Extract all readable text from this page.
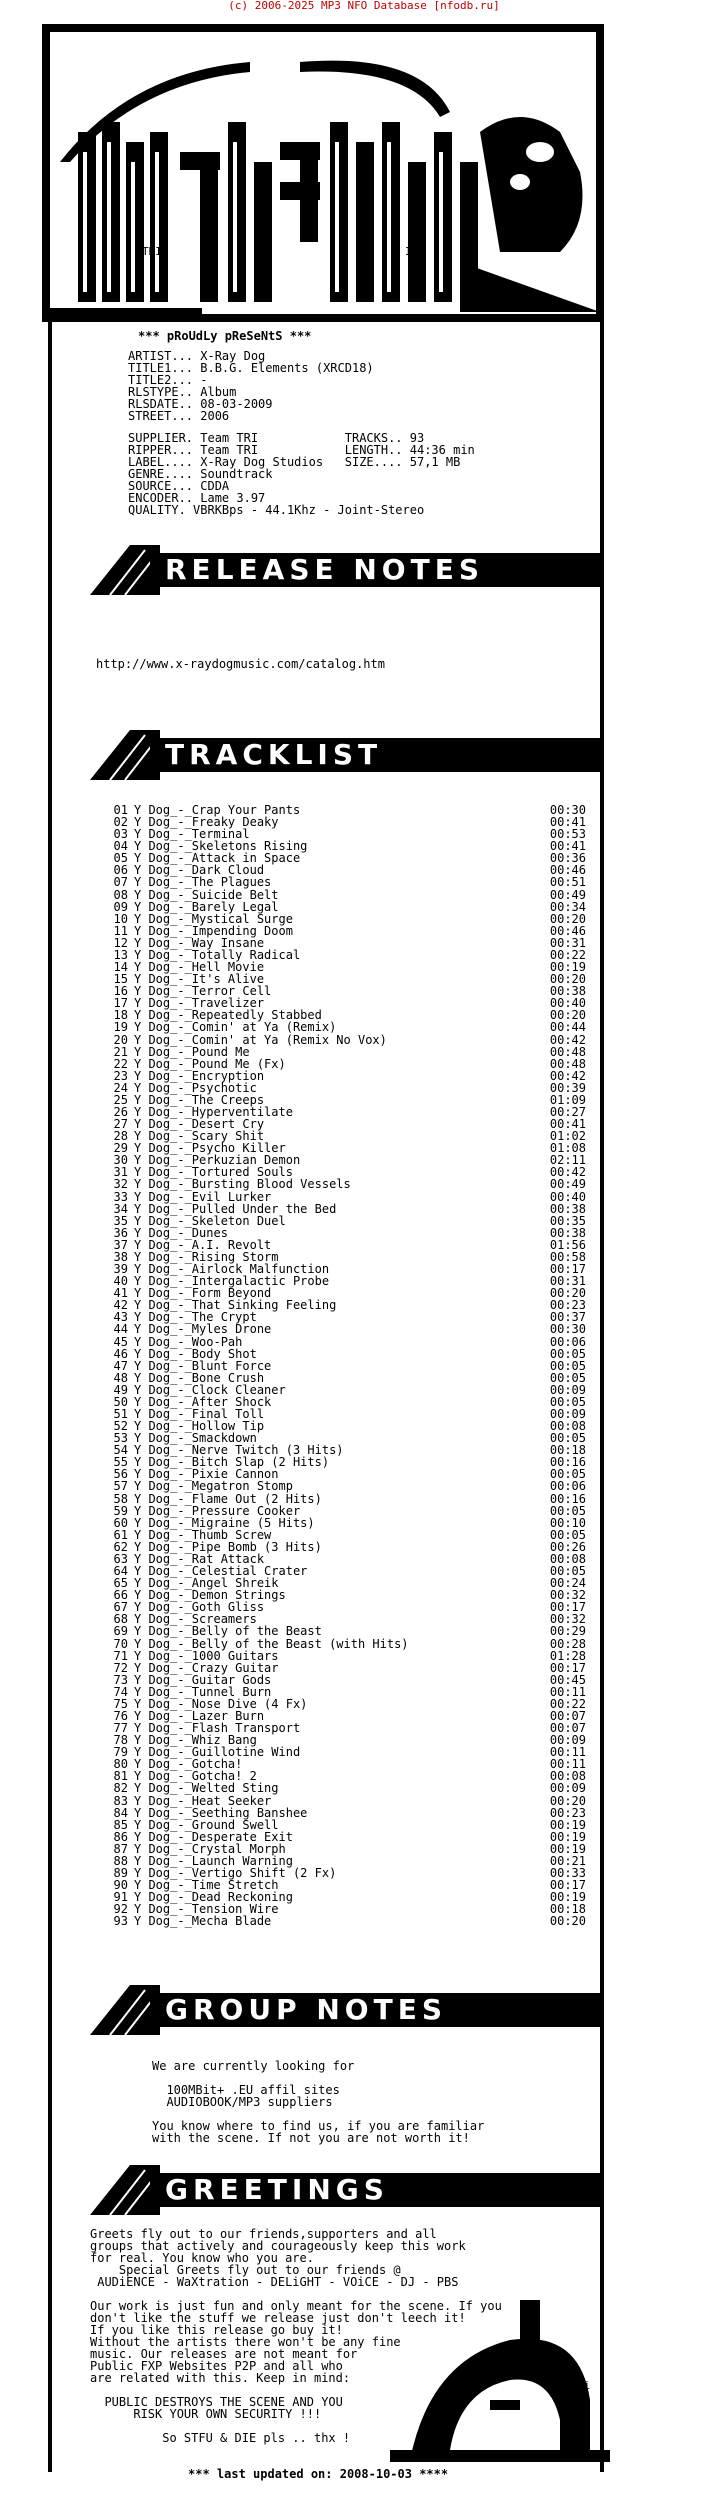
(c) 2006-2025 MP3 NFO Database [nfodb.ru]
TRI	INC
*** pRoUdLy pReSeNtS ***
ARTIST... X-Ray Dog
TITLE1... B.B.G. Elements (XRCD18)
TITLE2... -
RLSTYPE.. Album
RLSDATE.. 08-03-2009
STREET... 2006
SUPPLIER. Team TRI            TRACKS.. 93
RIPPER... Team TRI            LENGTH.. 44:36 min
LABEL.... X-Ray Dog Studios   SIZE.... 57,1 MB
GENRE.... Soundtrack
SOURCE... CDDA
ENCODER.. Lame 3.97
QUALITY. VBRKBps - 44.1Khz - Joint-Stereo
RELEASE NOTES
http://www.x-raydogmusic.com/catalog.htm
TRACKLIST
01 Y Dog_-_Crap Your Pants	00:30
02 Y Dog_-_Freaky Deaky	00:41
03 Y Dog_-_Terminal	00:53
04 Y Dog_-_Skeletons Rising	00:41
05 Y Dog_-_Attack in Space	00:36
06 Y Dog_-_Dark Cloud	00:46
07 Y Dog_-_The Plagues	00:51
08 Y Dog_-_Suicide Belt	00:49
09 Y Dog_-_Barely Legal	00:34
10 Y Dog_-_Mystical Surge	00:20
11 Y Dog_-_Impending Doom	00:46
12 Y Dog_-_Way Insane	00:31
13 Y Dog_-_Totally Radical	00:22
14 Y Dog_-_Hell Movie	00:19
15 Y Dog_-_It's Alive	00:20
16 Y Dog_-_Terror Cell	00:38
17 Y Dog_-_Travelizer	00:40
18 Y Dog_-_Repeatedly Stabbed	00:20
19 Y Dog_-_Comin' at Ya (Remix)	00:44
20 Y Dog_-_Comin' at Ya (Remix No Vox)	00:42
21 Y Dog_-_Pound Me	00:48
22 Y Dog_-_Pound Me (Fx)	00:48
23 Y Dog_-_Encryption	00:42
24 Y Dog_-_Psychotic	00:39
25 Y Dog_-_The Creeps	01:09
26 Y Dog_-_Hyperventilate	00:27
27 Y Dog_-_Desert Cry	00:41
28 Y Dog_-_Scary Shit	01:02
29 Y Dog_-_Psycho Killer	01:08
30 Y Dog_-_Perkuzian Demon	02:11
31 Y Dog_-_Tortured Souls	00:42
32 Y Dog_-_Bursting Blood Vessels	00:49
33 Y Dog_-_Evil Lurker	00:40
34 Y Dog_-_Pulled Under the Bed	00:38
35 Y Dog_-_Skeleton Duel	00:35
36 Y Dog_-_Dunes	00:38
37 Y Dog_-_A.I. Revolt	01:56
38 Y Dog_-_Rising Storm	00:58
39 Y Dog_-_Airlock Malfunction	00:17
40 Y Dog_-_Intergalactic Probe	00:31
41 Y Dog_-_Form Beyond	00:20
42 Y Dog_-_That Sinking Feeling	00:23
43 Y Dog_-_The Crypt	00:37
44 Y Dog_-_Myles Drone	00:30
45 Y Dog_-_Woo-Pah	00:06
46 Y Dog_-_Body Shot	00:05
47 Y Dog_-_Blunt Force	00:05
48 Y Dog_-_Bone Crush	00:05
49 Y Dog_-_Clock Cleaner	00:09
50 Y Dog_-_After Shock	00:05
51 Y Dog_-_Final Toll	00:09
52 Y Dog_-_Hollow Tip	00:08
53 Y Dog_-_Smackdown	00:05
54 Y Dog_-_Nerve Twitch (3 Hits)	00:18
55 Y Dog_-_Bitch Slap (2 Hits)	00:16
56 Y Dog_-_Pixie Cannon	00:05
57 Y Dog_-_Megatron Stomp	00:06
58 Y Dog_-_Flame Out (2 Hits)	00:16
59 Y Dog_-_Pressure Cooker	00:05
60 Y Dog_-_Migraine (5 Hits)	00:10
61 Y Dog_-_Thumb Screw	00:05
62 Y Dog_-_Pipe Bomb (3 Hits)	00:26
63 Y Dog_-_Rat Attack	00:08
64 Y Dog_-_Celestial Crater	00:05
65 Y Dog_-_Angel Shreik	00:24
66 Y Dog_-_Demon Strings	00:32
67 Y Dog_-_Goth Gliss	00:17
68 Y Dog_-_Screamers	00:32
69 Y Dog_-_Belly of the Beast	00:29
70 Y Dog_-_Belly of the Beast (with Hits)	00:28
71 Y Dog_-_1000 Guitars	01:28
72 Y Dog_-_Crazy Guitar	00:17
73 Y Dog_-_Guitar Gods	00:45
74 Y Dog_-_Tunnel Burn	00:11
75 Y Dog_-_Nose Dive (4 Fx)	00:22
76 Y Dog_-_Lazer Burn	00:07
77 Y Dog_-_Flash Transport	00:07
78 Y Dog_-_Whiz Bang	00:09
79 Y Dog_-_Guillotine Wind	00:11
80 Y Dog_-_Gotcha!	00:11
81 Y Dog_-_Gotcha! 2	00:08
82 Y Dog_-_Welted Sting	00:09
83 Y Dog_-_Heat Seeker	00:20
84 Y Dog_-_Seething Banshee	00:23
85 Y Dog_-_Ground Swell	00:19
86 Y Dog_-_Desperate Exit	00:19
87 Y Dog_-_Crystal Morph	00:19
88 Y Dog_-_Launch Warning	00:21
89 Y Dog_-_Vertigo Shift (2 Fx)	00:33
90 Y Dog_-_Time Stretch	00:17
91 Y Dog_-_Dead Reckoning	00:19
92 Y Dog_-_Tension Wire	00:18
93 Y Dog_-_Mecha Blade	00:20
GROUP NOTES
We are currently looking for
100MBit+ .EU affil sites
AUDIOBOOK/MP3 suppliers
You know where to find us, if you are familiar
with the scene. If not you are not worth it!
GREETINGS
Greets fly out to our friends,supporters and all
groups that actively and courageously keep this work
for real. You know who you are.
Special Greets fly out to our friends @
AUDiENCE - WaXtration - DELiGHT - VOiCE - DJ - PBS
Our work is just fun and only meant for the scene. If you
don't like the stuff we release just don't leech it!
If you like this release go buy it!
Without the artists there won't be any fine
music. Our releases are not meant for
Public FXP Websites P2P and all who
are related with this. Keep in mind:
PUBLIC DESTROYS THE SCENE AND YOU
RISK YOUR OWN SECURITY !!!
So STFU & DIE pls .. thx !

ascii
2006
CB13
*** last updated on: 2008-10-03 ****
